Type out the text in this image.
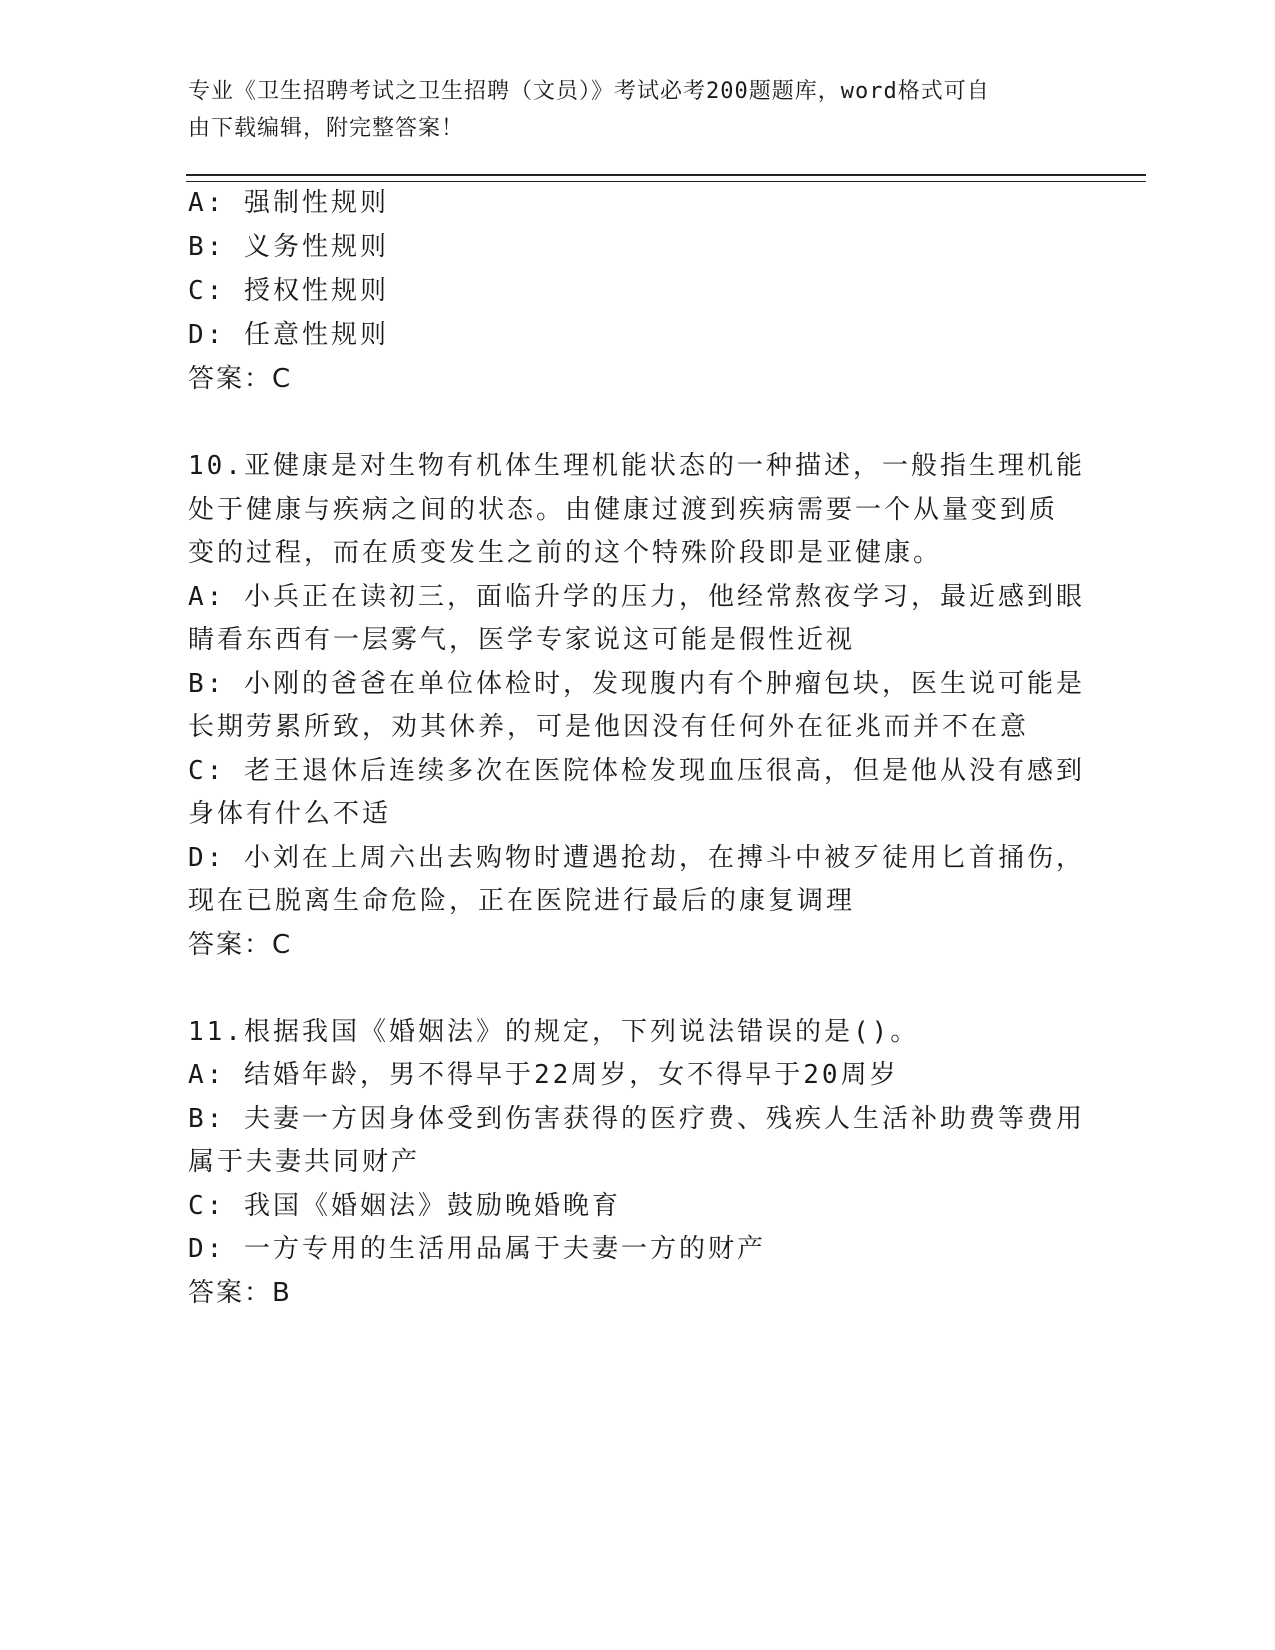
专业《卫生招聘考试之卫生招聘（文员）》考试必考200题题库，word格式可自
由下载编辑，附完整答案！
A: 强制性规则
B: 义务性规则
C: 授权性规则
D: 任意性规则
答案：C
10.亚健康是对生物有机体生理机能状态的一种描述，一般指生理机能
处于健康与疾病之间的状态。由健康过渡到疾病需要一个从量变到质
变的过程，而在质变发生之前的这个特殊阶段即是亚健康。
A: 小兵正在读初三，面临升学的压力，他经常熬夜学习，最近感到眼
睛看东西有一层雾气，医学专家说这可能是假性近视
B: 小刚的爸爸在单位体检时，发现腹内有个肿瘤包块，医生说可能是
长期劳累所致，劝其休养，可是他因没有任何外在征兆而并不在意
C: 老王退休后连续多次在医院体检发现血压很高，但是他从没有感到
身体有什么不适
D: 小刘在上周六出去购物时遭遇抢劫，在搏斗中被歹徒用匕首捅伤，
现在已脱离生命危险，正在医院进行最后的康复调理
答案：C
11.根据我国《婚姻法》的规定，下列说法错误的是()。
A: 结婚年龄，男不得早于22周岁，女不得早于20周岁
B: 夫妻一方因身体受到伤害获得的医疗费、残疾人生活补助费等费用
属于夫妻共同财产
C: 我国《婚姻法》鼓励晚婚晚育
D: 一方专用的生活用品属于夫妻一方的财产
答案：B
